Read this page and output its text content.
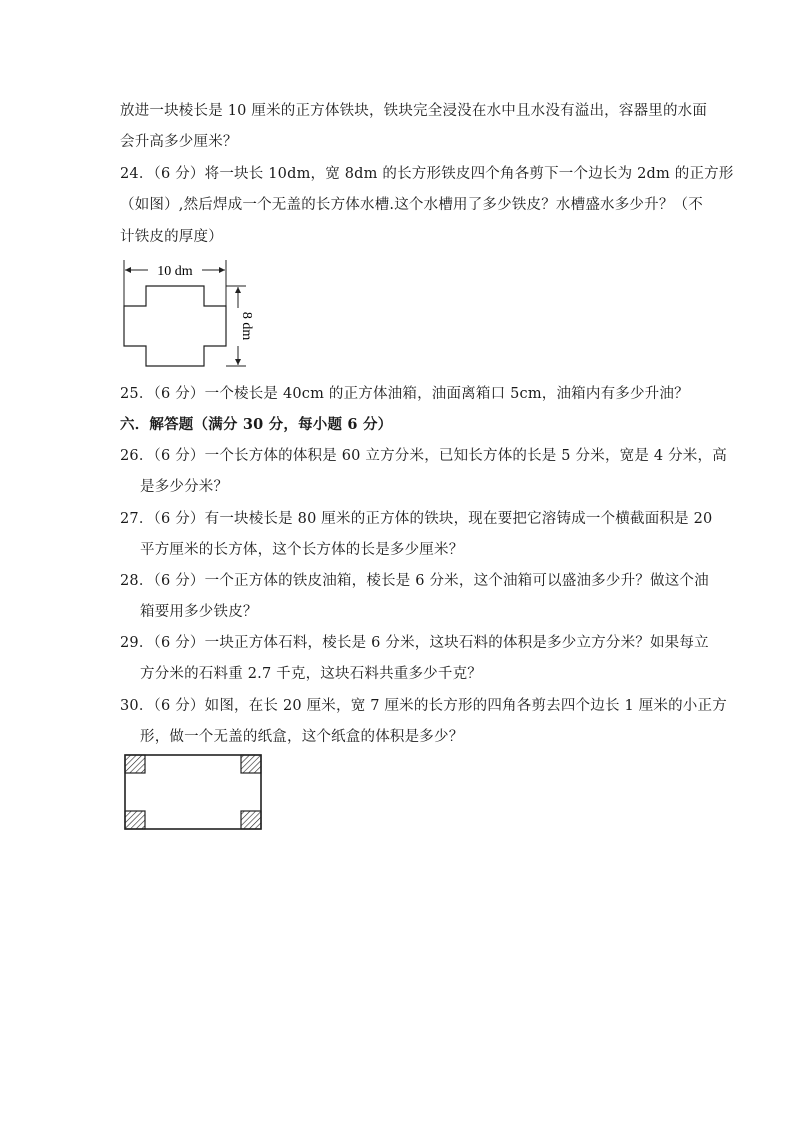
放进一块棱长是 10 厘米的正方体铁块，铁块完全浸没在水中且水没有溢出，容器里的水面
会升高多少厘米？
24．（6 分）将一块长 10dm，宽 8dm 的长方形铁皮四个角各剪下一个边长为 2dm 的正方形
（如图）,然后焊成一个无盖的长方体水槽.这个水槽用了多少铁皮？水槽盛水多少升？（不
计铁皮的厚度）
10 dm
8 dm
25．（6 分）一个棱长是 40cm 的正方体油箱，油面离箱口 5cm，油箱内有多少升油？
六．解答题（满分 30 分，每小题 6 分）
26．（6 分）一个长方体的体积是 60 立方分米，已知长方体的长是 5 分米，宽是 4 分米，高
是多少分米？
27．（6 分）有一块棱长是 80 厘米的正方体的铁块，现在要把它溶铸成一个横截面积是 20
平方厘米的长方体，这个长方体的长是多少厘米？
28．（6 分）一个正方体的铁皮油箱，棱长是 6 分米，这个油箱可以盛油多少升？做这个油
箱要用多少铁皮？
29．（6 分）一块正方体石料，棱长是 6 分米，这块石料的体积是多少立方分米？如果每立
方分米的石料重 2.7 千克，这块石料共重多少千克？
30．（6 分）如图，在长 20 厘米，宽 7 厘米的长方形的四角各剪去四个边长 1 厘米的小正方
形，做一个无盖的纸盒，这个纸盒的体积是多少？
